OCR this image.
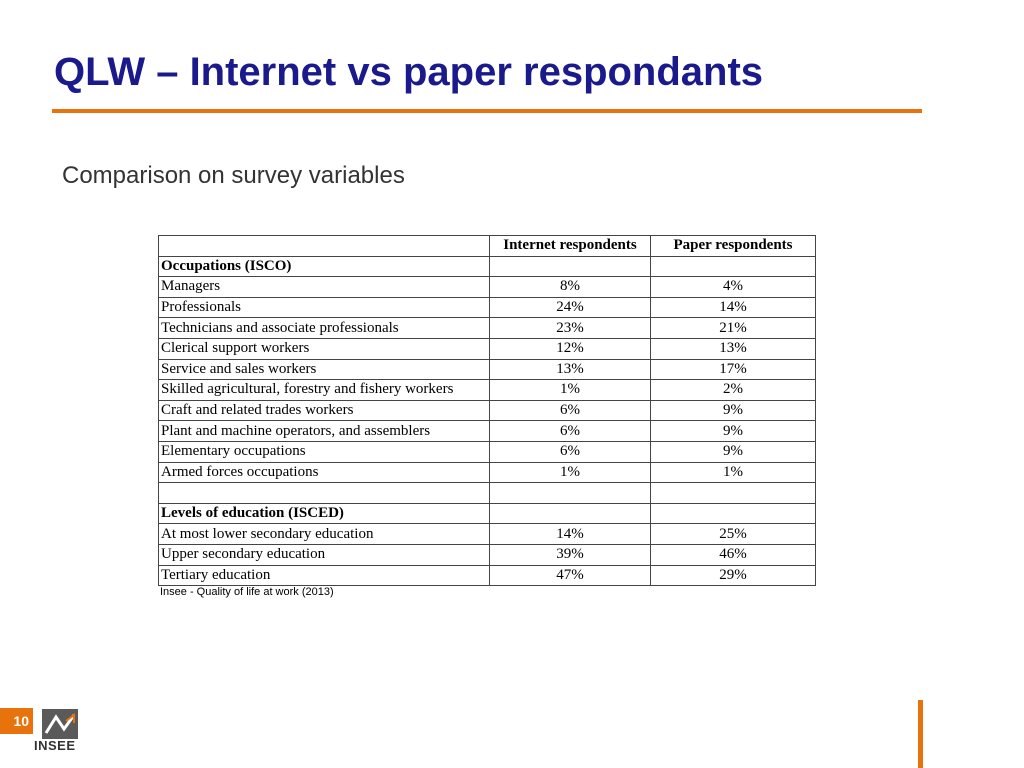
QLW – Internet vs paper respondants
Comparison on survey variables
	Internet respondents	Paper respondents
Occupations (ISCO)		
Managers	8%	4%
Professionals	24%	14%
Technicians and associate professionals	23%	21%
Clerical support workers	12%	13%
Service and sales workers	13%	17%
Skilled agricultural, forestry and fishery workers	1%	2%
Craft and related trades workers	6%	9%
Plant and machine operators, and assemblers	6%	9%
Elementary occupations	6%	9%
Armed forces occupations	1%	1%

Levels of education (ISCED)		
At most lower secondary education	14%	25%
Upper secondary education	39%	46%
Tertiary education	47%	29%
Insee - Quality of life at work (2013)
10
INSEE
